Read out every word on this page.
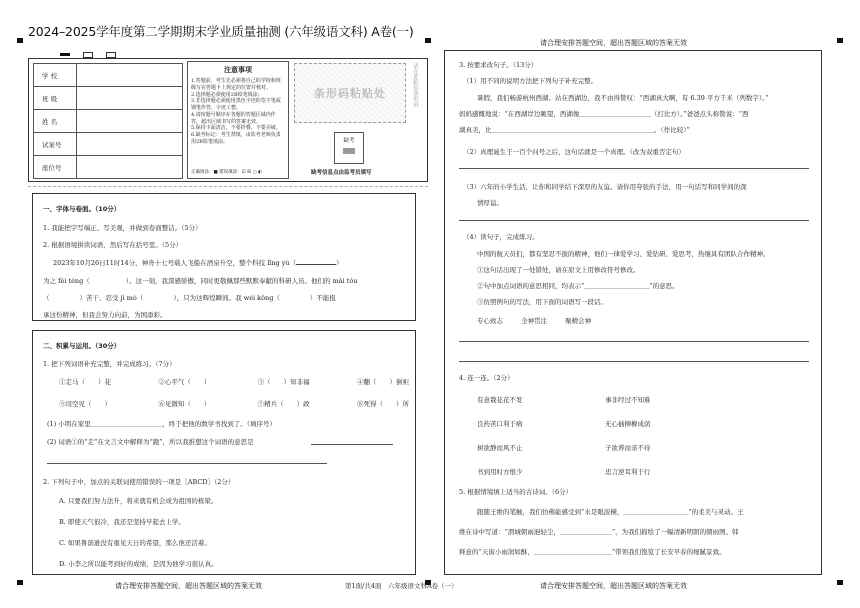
2024–2025学年度第二学期期末学业质量抽测 (六年级语文科) A卷(一)

请合理安排答题空间，超出答题区域的答案无效
学 校	
班 级	
姓 名	
试案号	
座位号	
注意事项
1.答题前，考生先必须将自己的学校和班级写在答题卡上规定的位置并核对。
2.选择题必须使用2B铅笔填涂；
3.非选择题必须使用黑色字迹的签字笔或钢笔作答，字迹工整。
4.请按题号顺序在各题的答题区域内作答，超出区域书写的答案无效。
5.保持卡面清洁，不要折叠，不要弄破。
6.缺考标记：考生禁填，由监考老师负责用2B铅笔填涂。
正确填涂：■ 错误填涂：☑ ☒ ○ ◐
条形码粘贴处	请在此粘贴条形码
缺考
缺考信息点由监考员填写
一、字体与卷面。（10分）
1. 我能把字写端正、写美观，并做到卷面整洁。（5分）
2. 根据语境拼读词语，然后写在括号里。（5分）
2023年10月26日11时14分，神舟十七号载人飞船在酒泉升空，整个科技 lǐng yù（	）
为之 fèi téng（	）。这一刻，我深感骄傲，同时更敬佩那些默默奉献的科研人员。他们的 mài tóu
（	）苦干、忍受 jì mò（	），只为这辉煌瞬间。我 wéi kǒng（	）不能报
承这份精神，但我会努力向前，为国添彩。
二、积累与运用。（30分）
1. 把下列词语补充完整，并完成练习。（7分）
①走马（　　）花	②心平气（　　）	③（　　）知非福	④翻（　　）倒柜
⑤司空见（　　）	⑥见微知（　　）	⑦精兵（　　）政	⑧死得（　　）所
(1) 小明在家里＿＿＿＿＿＿＿＿＿＿＿，终于把他的数学书找到了。（填序号）
(2) 词语①的“走”在文言文中解释为“跑”，所以我推想这个词语的意思是
2. 下列句子中，加点的关联词使用错误的一项是［ABCD］（2分）
A. 只要我们努力法升，将来就有机会成为祖国的栋梁。
B. 即使天气很冷，我还是坚持早起去上学。
C. 如果鲁滨逊没有重见天日的希望，那么他还活着。
D. 小李之所以能考到好的成绩，是因为他学习很认真。
3. 按要求改句子。（13分）
（1）用不同的说明方法把下列句子补充完整。
暑假，我们畅游杭州西湖。站在西湖边，我不由得赞叹：“西湖真大啊，有 6.39 平方千米（列数字）。”
妈妈感慨地说：“在西湖岸边眺望，西湖像＿＿＿＿＿＿＿＿＿＿＿（打比方）。”爸爸点头称赞说：“西
湖真美，比＿＿＿＿＿＿＿＿＿＿＿＿＿＿＿＿＿＿＿＿＿＿＿＿＿。（作比较）”
（2）真理诞生于一百个问号之后，这句话就是一个真理。（改为双重否定句）
（3）六年的小学生活，让你和同学结下深厚的友谊。请你用夸张的手法，用一句话写和同学间的深
情厚谊。
（4）读句子，完成练习。
中国的航天员们，都有坚忍不拔的精神，他们一律爱学习、爱钻研、爱思考，热继具有团队合作精神。
①这句话出现了一处错处，请在原文上用修改符号修改。
②句中加点词语的意思相同，均表示“＿＿＿＿＿＿＿＿＿＿”的意思。
③仿照例句的写法，用下面的词语写一段话。
专心致志	全神贯注	聚精会神
4. 连一连。（2分）
有意栽花花不发	事非经过不知难
良药苦口利于病	无心插柳柳成荫
树欲静而风不止	子欲养而亲不待
书到用时方恨少	忠言逆耳利于行
5. 根据情境填上适当的古诗词。（6分）
跟随王维的笔触，我们仿佛能感受到“水是眼波横，＿＿＿＿＿＿＿＿＿＿”的柔美与灵动。王
维在诗中写道：“渭城朝雨浥轻尘，＿＿＿＿＿＿＿＿”，为我们描绘了一幅清新明朗的朝雨图。韩
释意的“天街小雨润如酥，＿＿＿＿＿＿＿＿＿＿＿＿”带领我们饱览了长安早春的细腻景致。
请合理安排答题空间，超出答题区域的答案无效	第1面/共4面　六年级语文科A卷（一）	请合理安排答题空间，超出答题区域的答案无效
